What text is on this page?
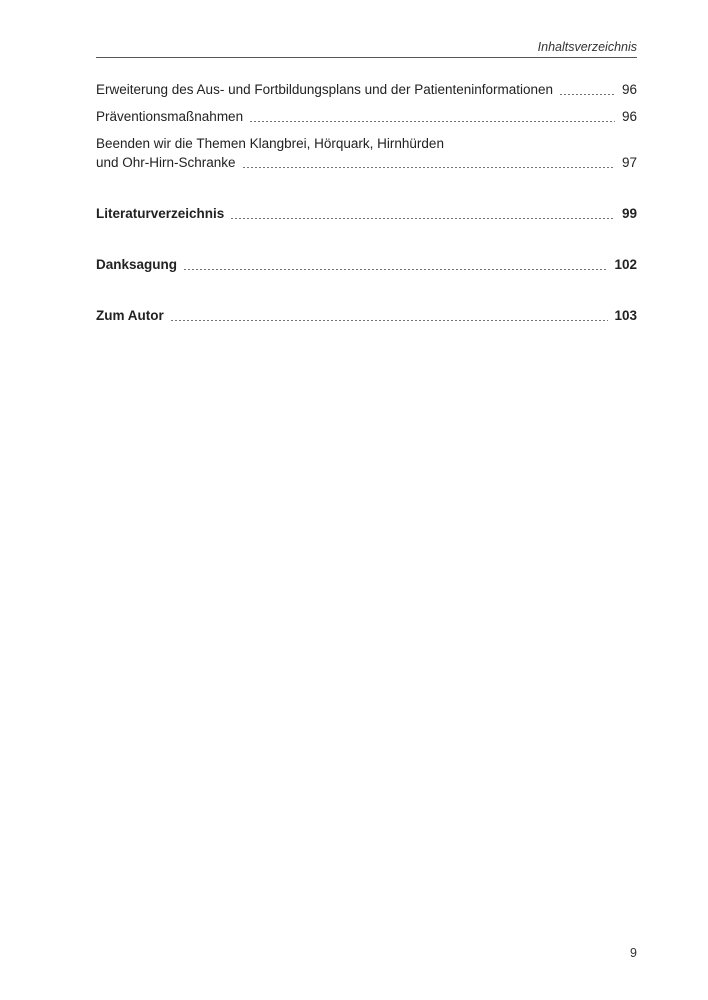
Inhaltsverzeichnis
Erweiterung des Aus- und Fortbildungsplans und der Patienteninformationen	96
Präventionsmaßnahmen	96
Beenden wir die Themen Klangbrei, Hörquark, Hirnhürden
und Ohr-Hirn-Schranke	97
Literaturverzeichnis	99
Danksagung	102
Zum Autor	103
9
